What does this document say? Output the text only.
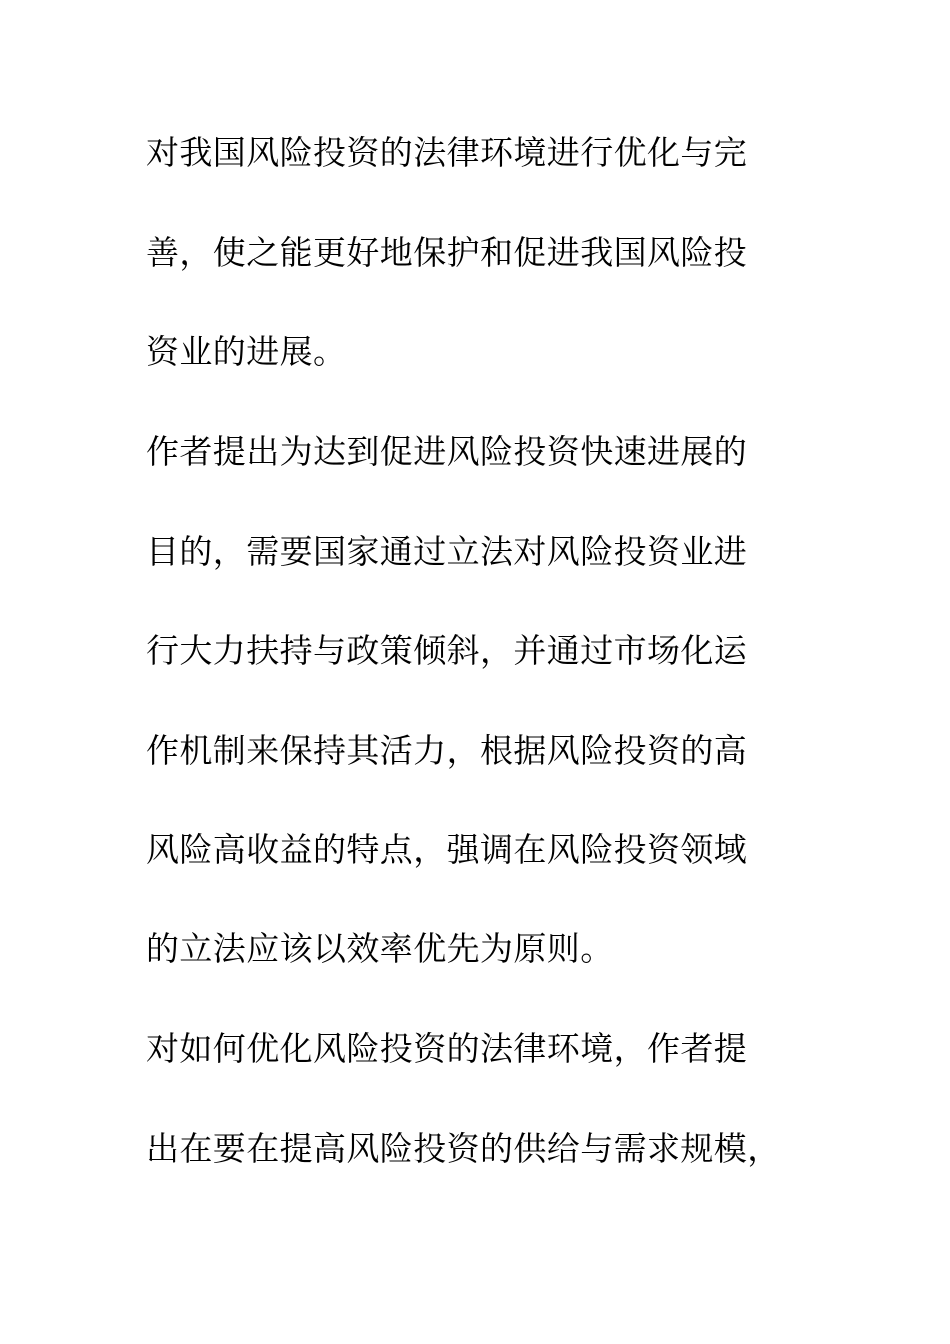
对我国风险投资的法律环境进行优化与完
善，使之能更好地保护和促进我国风险投
资业的进展。
作者提出为达到促进风险投资快速进展的
目的，需要国家通过立法对风险投资业进
行大力扶持与政策倾斜，并通过市场化运
作机制来保持其活力，根据风险投资的高
风险高收益的特点，强调在风险投资领域
的立法应该以效率优先为原则。
对如何优化风险投资的法律环境，作者提
出在要在提高风险投资的供给与需求规模，
